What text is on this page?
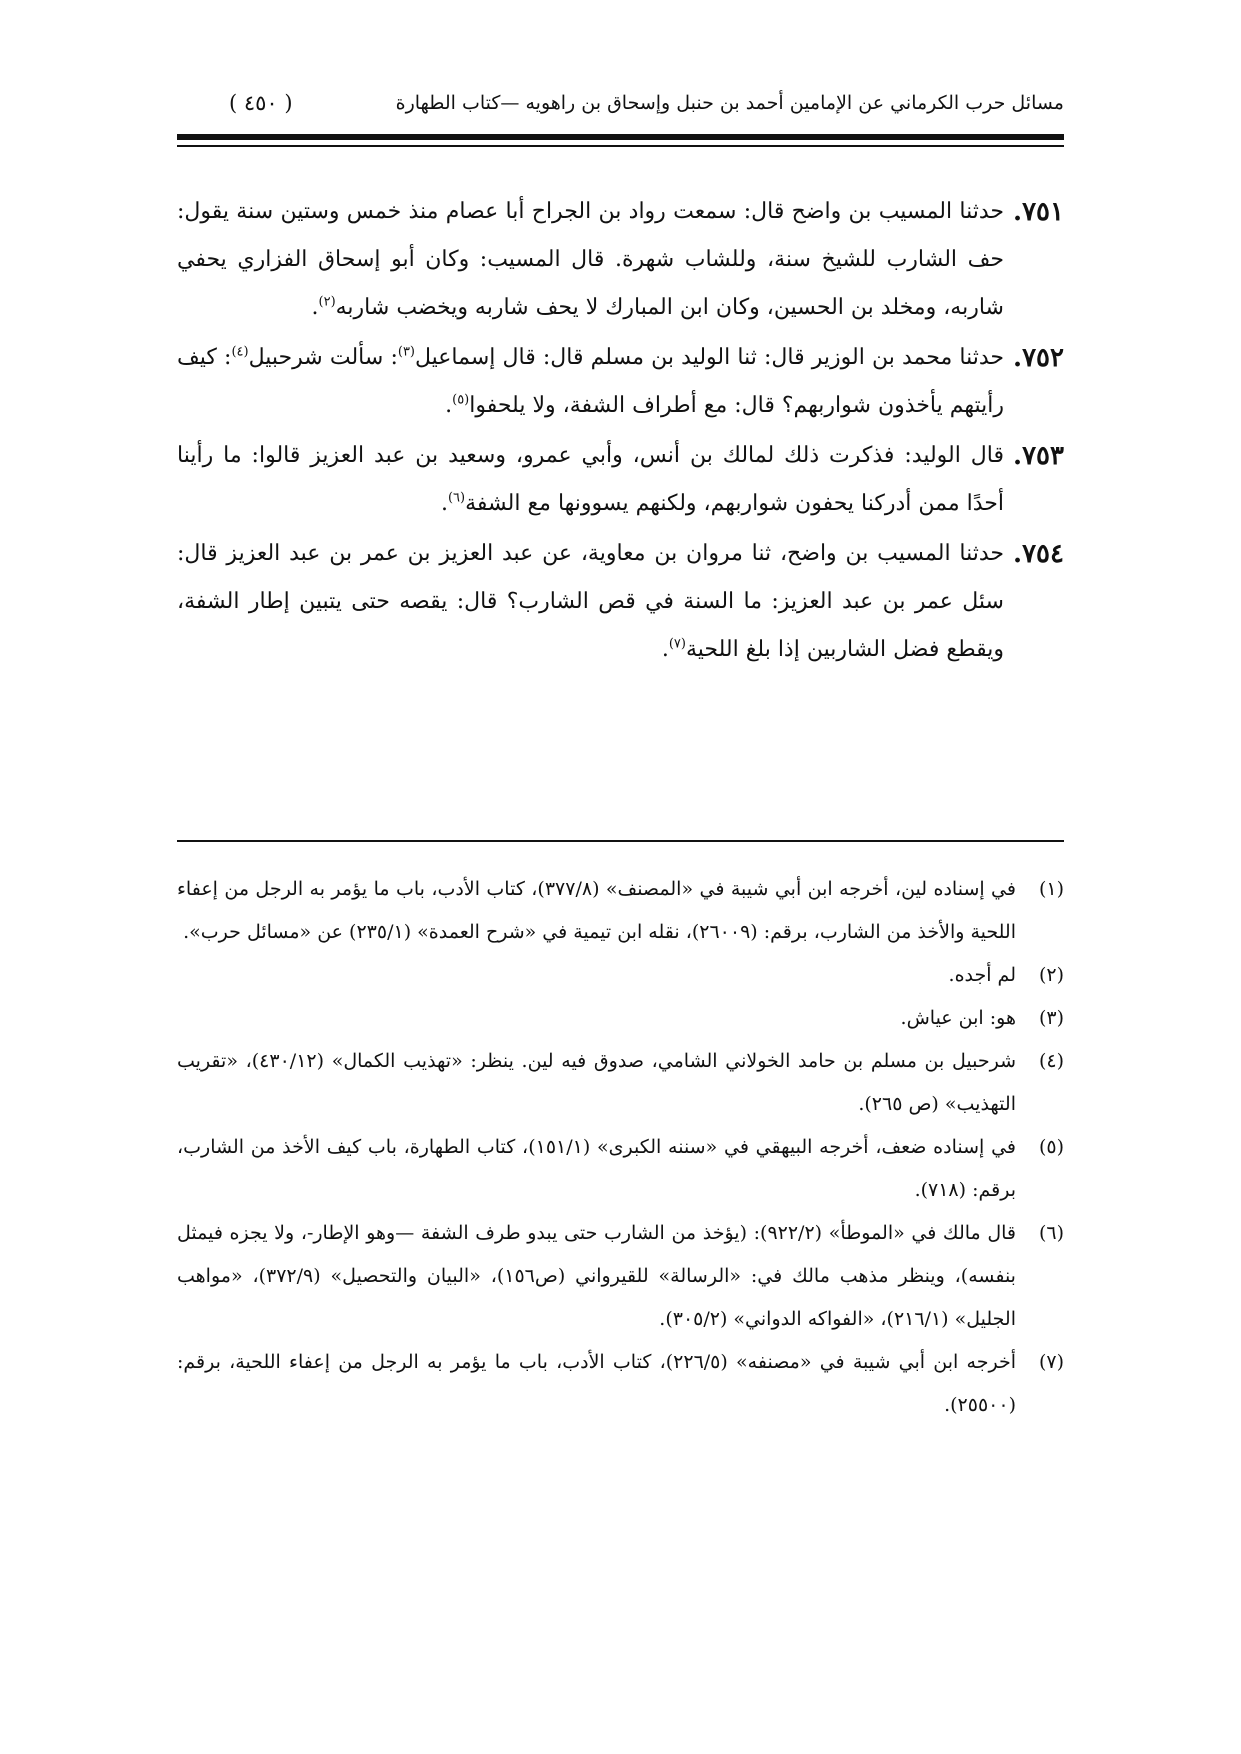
مسائل حرب الكرماني عن الإمامين أحمد بن حنبل وإسحاق بن راهويه —كتاب الطهارة
( ٤٥٠ )
٧٥١.
حدثنا المسيب بن واضح قال: سمعت رواد بن الجراح أبا عصام منذ خمس وستين سنة يقول: حف الشارب للشيخ سنة، وللشاب شهرة. قال المسيب: وكان أبو إسحاق الفزاري يحفي شاربه، ومخلد بن الحسين، وكان ابن المبارك لا يحف شاربه ويخضب شاربه$^{(٢)}$.
٧٥٢.
حدثنا محمد بن الوزير قال: ثنا الوليد بن مسلم قال: قال إسماعيل$^{(٣)}$: سألت شرحبيل$^{(٤)}$: كيف رأيتهم يأخذون شواربهم؟ قال: مع أطراف الشفة، ولا يلحفوا$^{(٥)}$.
٧٥٣.
قال الوليد: فذكرت ذلك لمالك بن أنس، وأبي عمرو، وسعيد بن عبد العزيز قالوا: ما رأينا أحدًا ممن أدركنا يحفون شواربهم، ولكنهم يسوونها مع الشفة$^{(٦)}$.
٧٥٤.
حدثنا المسيب بن واضح، ثنا مروان بن معاوية، عن عبد العزيز بن عمر بن عبد العزيز قال: سئل عمر بن عبد العزيز: ما السنة في قص الشارب؟ قال: يقصه حتى يتبين إطار الشفة، ويقطع فضل الشاربين إذا بلغ اللحية$^{(٧)}$.
(١)
في إسناده لين، أخرجه ابن أبي شيبة في «المصنف» (٣٧٧/٨)، كتاب الأدب، باب ما يؤمر به الرجل من إعفاء اللحية والأخذ من الشارب، برقم: (٢٦٠٠٩)، نقله ابن تيمية في «شرح العمدة» (٢٣٥/١) عن «مسائل حرب».
(٢)
لم أجده.
(٣)
هو: ابن عياش.
(٤)
شرحبيل بن مسلم بن حامد الخولاني الشامي، صدوق فيه لين. ينظر: «تهذيب الكمال» (٤٣٠/١٢)، «تقريب التهذيب» (ص ٢٦٥).
(٥)
في إسناده ضعف، أخرجه البيهقي في «سننه الكبرى» (١٥١/١)، كتاب الطهارة، باب كيف الأخذ من الشارب، برقم: (٧١٨).
(٦)
قال مالك في «الموطأ» (٩٢٢/٢): (يؤخذ من الشارب حتى يبدو طرف الشفة —وهو الإطار-، ولا يجزه فيمثل بنفسه)، وينظر مذهب مالك في: «الرسالة» للقيرواني (ص١٥٦)، «البيان والتحصيل» (٣٧٢/٩)، «مواهب الجليل» (٢١٦/١)، «الفواكه الدواني» (٣٠٥/٢).
(٧)
أخرجه ابن أبي شيبة في «مصنفه» (٢٢٦/٥)، كتاب الأدب، باب ما يؤمر به الرجل من إعفاء اللحية، برقم: (٢٥٥٠٠).
